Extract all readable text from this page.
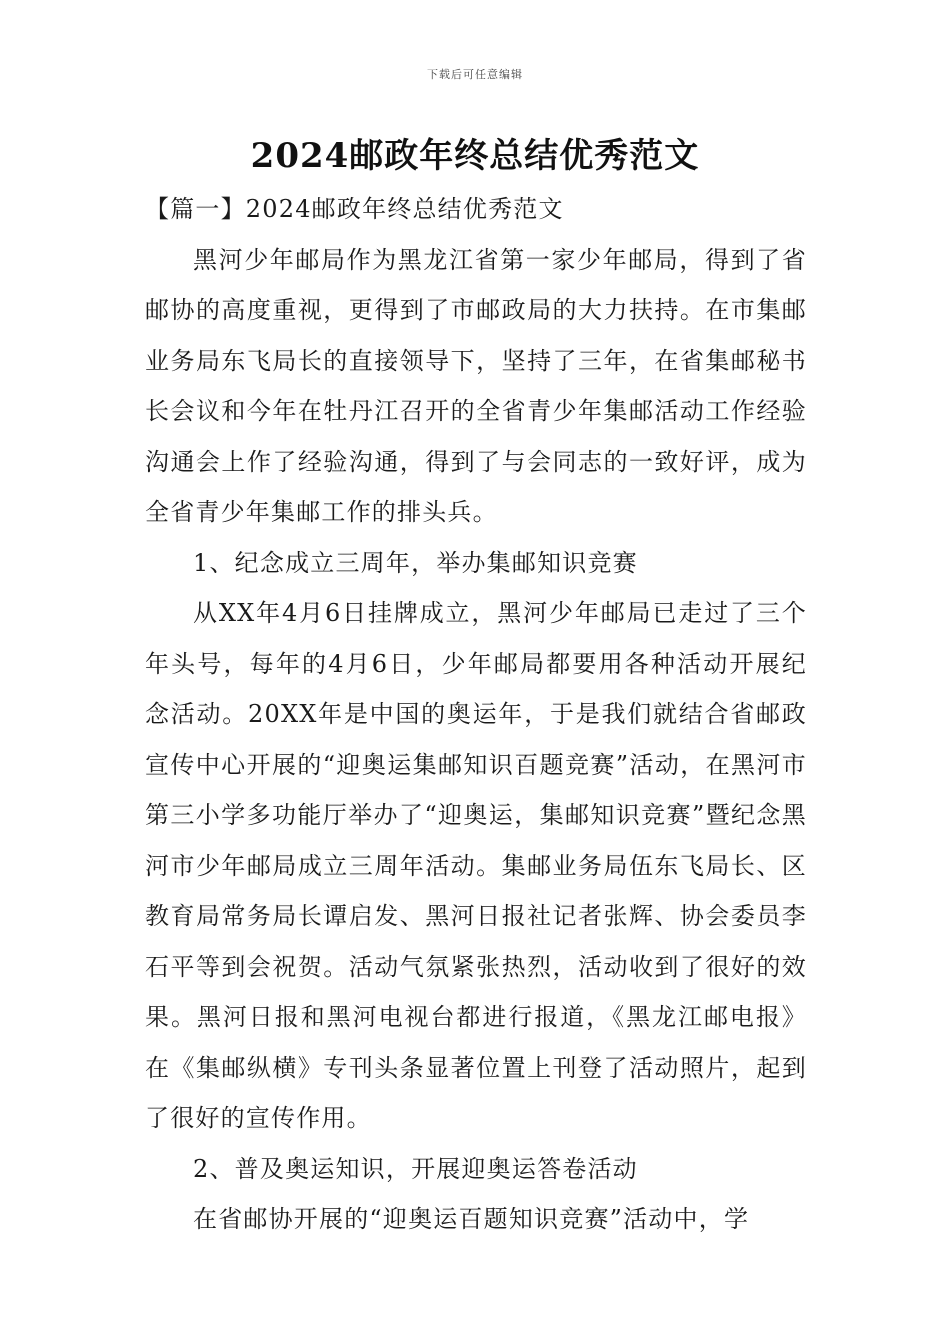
下载后可任意编辑
2024邮政年终总结优秀范文

【篇一】2024邮政年终总结优秀范文

黑河少年邮局作为黑龙江省第一家少年邮局，得到了省邮协的高度重视，更得到了市邮政局的大力扶持。在市集邮业务局东飞局长的直接领导下，坚持了三年，在省集邮秘书长会议和今年在牡丹江召开的全省青少年集邮活动工作经验沟通会上作了经验沟通，得到了与会同志的一致好评，成为全省青少年集邮工作的排头兵。

1、纪念成立三周年，举办集邮知识竞赛

从XX年4月6日挂牌成立，黑河少年邮局已走过了三个年头号，每年的4月6日，少年邮局都要用各种活动开展纪念活动。20XX年是中国的奥运年，于是我们就结合省邮政宣传中心开展的“迎奥运集邮知识百题竞赛”活动，在黑河市第三小学多功能厅举办了“迎奥运，集邮知识竞赛”暨纪念黑河市少年邮局成立三周年活动。集邮业务局伍东飞局长、区教育局常务局长谭启发、黑河日报社记者张辉、协会委员李石平等到会祝贺。活动气氛紧张热烈，活动收到了很好的效果。黑河日报和黑河电视台都进行报道，《黑龙江邮电报》在《集邮纵横》专刊头条显著位置上刊登了活动照片，起到了很好的宣传作用。

2、普及奥运知识，开展迎奥运答卷活动

在省邮协开展的“迎奥运百题知识竞赛”活动中，学
